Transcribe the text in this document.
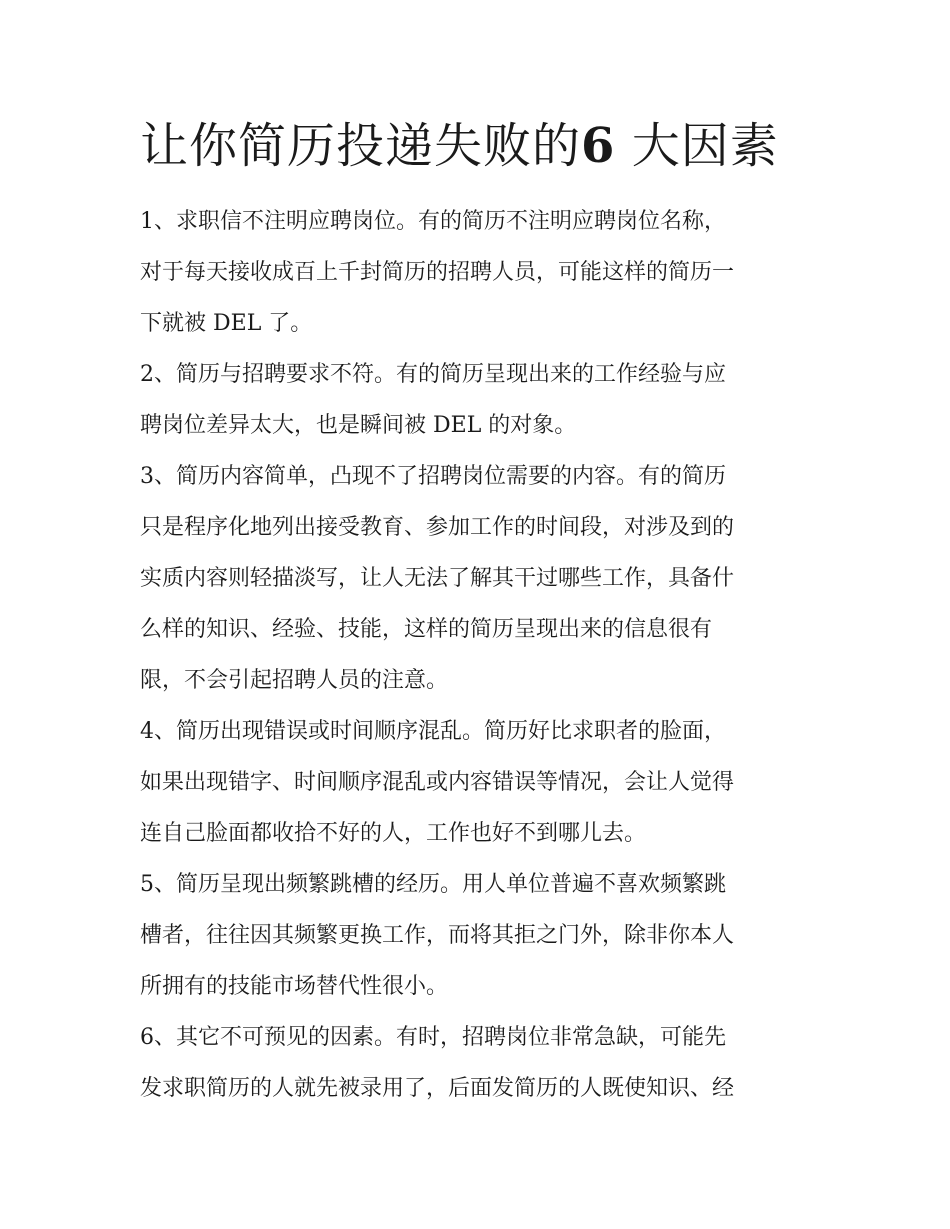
让你简历投递失败的6 大因素
1、求职信不注明应聘岗位。有的简历不注明应聘岗位名称，
对于每天接收成百上千封简历的招聘人员，可能这样的简历一
下就被 DEL 了。
2、简历与招聘要求不符。有的简历呈现出来的工作经验与应
聘岗位差异太大，也是瞬间被 DEL 的对象。
3、简历内容简单，凸现不了招聘岗位需要的内容。有的简历
只是程序化地列出接受教育、参加工作的时间段，对涉及到的
实质内容则轻描淡写，让人无法了解其干过哪些工作，具备什
么样的知识、经验、技能，这样的简历呈现出来的信息很有
限，不会引起招聘人员的注意。
4、简历出现错误或时间顺序混乱。简历好比求职者的脸面，
如果出现错字、时间顺序混乱或内容错误等情况，会让人觉得
连自己脸面都收拾不好的人，工作也好不到哪儿去。
5、简历呈现出频繁跳槽的经历。用人单位普遍不喜欢频繁跳
槽者，往往因其频繁更换工作，而将其拒之门外，除非你本人
所拥有的技能市场替代性很小。
6、其它不可预见的因素。有时，招聘岗位非常急缺，可能先
发求职简历的人就先被录用了，后面发简历的人既使知识、经
